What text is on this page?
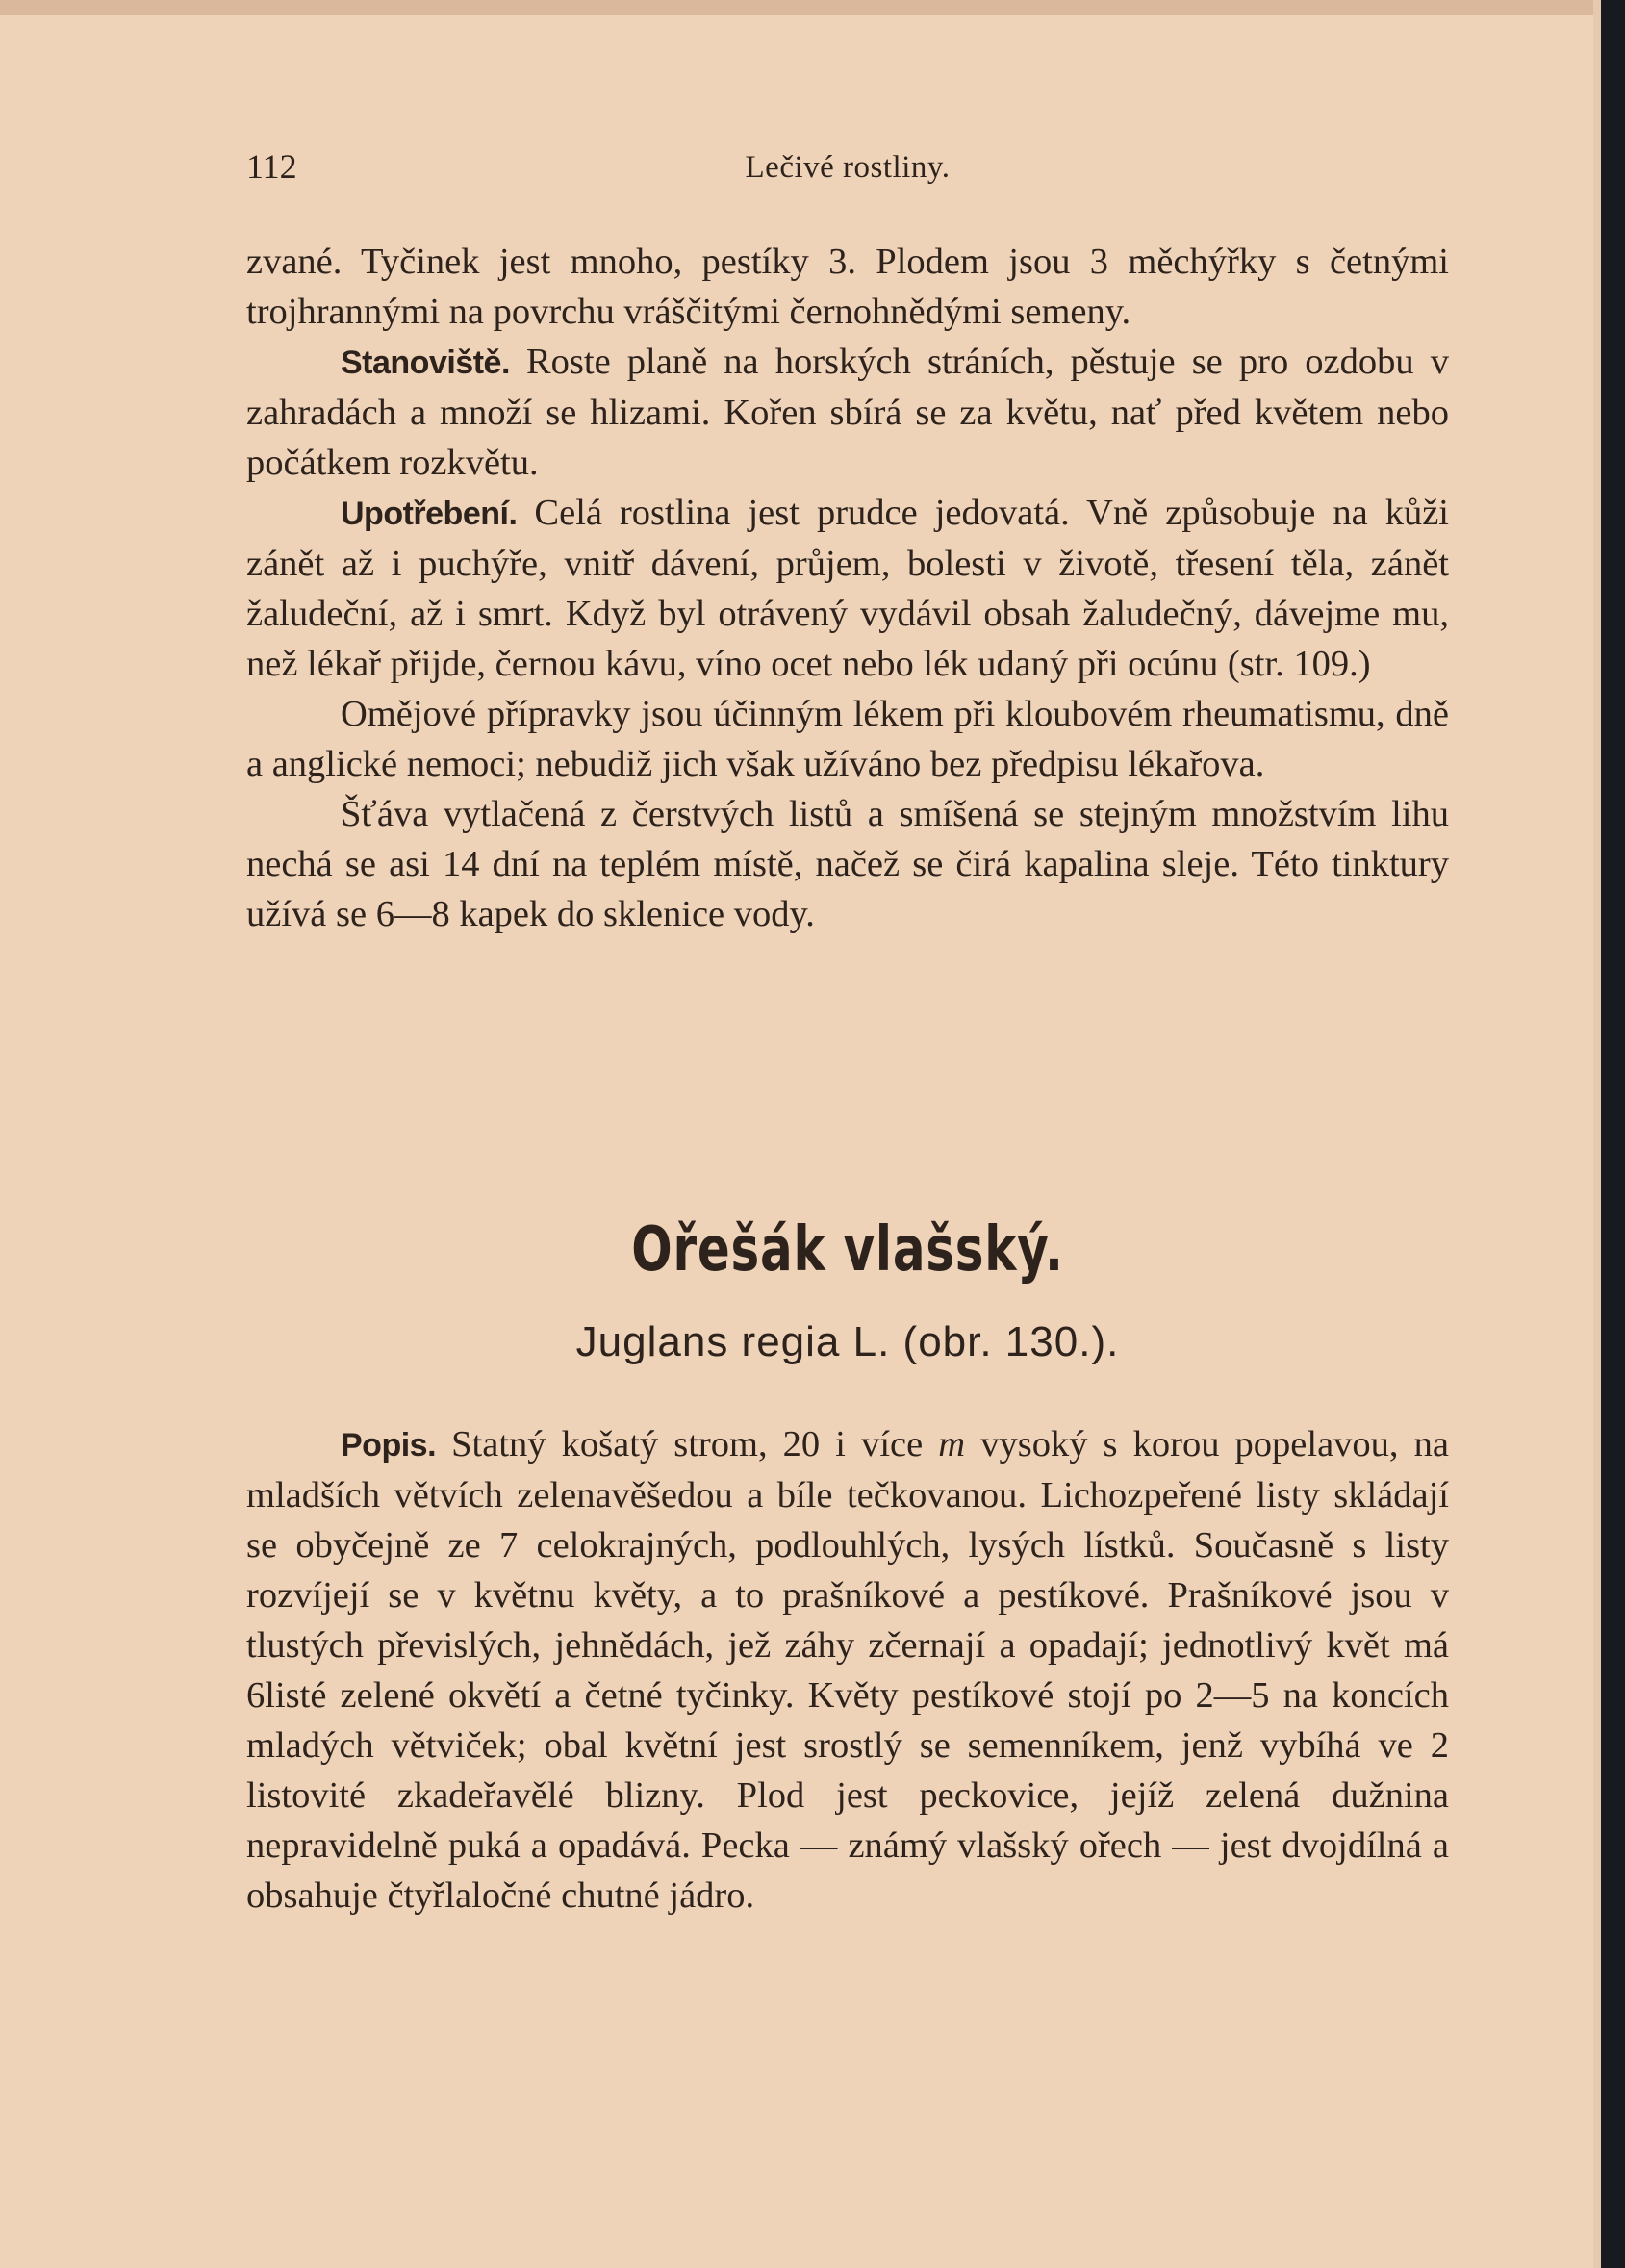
112	Lečivé rostliny.

zvané. Tyčinek jest mnoho, pestíky 3. Plodem jsou 3 měchýřky s četnými trojhrannými na povrchu vráščitými černohnědými semeny.

Stanoviště. Roste planě na horských stráních, pěstuje se pro ozdobu v zahradách a množí se hlizami. Kořen sbírá se za květu, nať před květem nebo počátkem rozkvětu.

Upotřebení. Celá rostlina jest prudce jedovatá. Vně způsobuje na kůži zánět až i puchýře, vnitř dávení, průjem, bolesti v životě, třesení těla, zánět žaludeční, až i smrt. Když byl otrávený vydávil obsah žaludečný, dávejme mu, než lékař přijde, černou kávu, víno ocet nebo lék udaný při ocúnu (str. 109.)

Omějové přípravky jsou účinným lékem při kloubovém rheumatismu, dně a anglické nemoci; nebudiž jich však užíváno bez předpisu lékařova.

Šťáva vytlačená z čerstvých listů a smíšená se stejným množstvím lihu nechá se asi 14 dní na teplém místě, načež se čirá kapalina sleje. Této tinktury užívá se 6—8 kapek do sklenice vody.

Ořešák vlašský.
Juglans regia L. (obr. 130.).

Popis. Statný košatý strom, 20 i více m vysoký s korou popelavou, na mladších větvích zelenavěšedou a bíle tečkovanou. Lichozpeřené listy skládají se obyčejně ze 7 celokrajných, podlouhlých, lysých lístků. Současně s listy rozvíjejí se v květnu květy, a to prašníkové a pestíkové. Prašníkové jsou v tlustých převislých, jehnědách, jež záhy zčernají a opadají; jednotlivý květ má 6listé zelené okvětí a četné tyčinky. Květy pestíkové stojí po 2—5 na koncích mladých větviček; obal květní jest srostlý se semenníkem, jenž vybíhá ve 2 listovité zkadeřavělé blizny. Plod jest peckovice, jejíž zelená dužnina nepravidelně puká a opadává. Pecka — známý vlašský ořech — jest dvojdílná a obsahuje čtyřlaločné chutné jádro.
